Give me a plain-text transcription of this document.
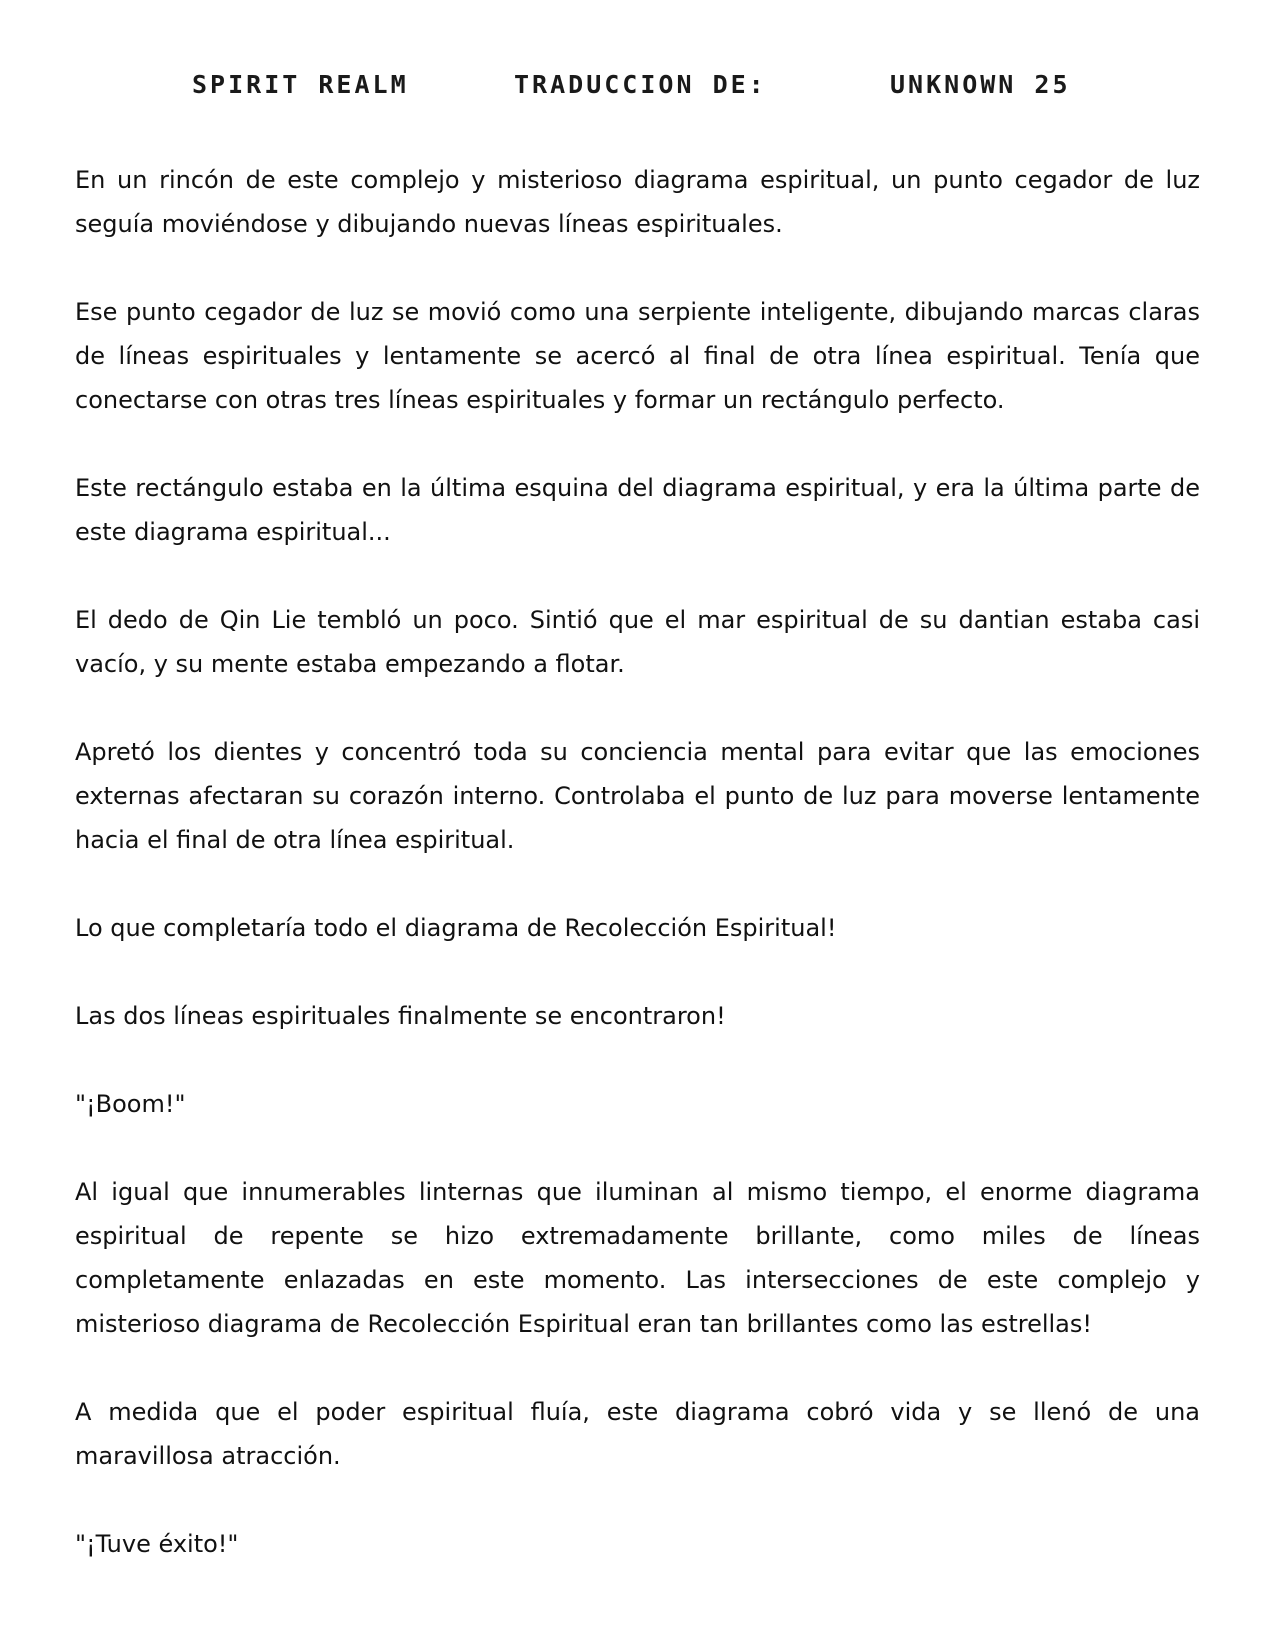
SPIRIT REALM	TRADUCCION DE:	UNKNOWN 25

En un rincón de este complejo y misterioso diagrama espiritual, un punto cegador de luz seguía moviéndose y dibujando nuevas líneas espirituales.

Ese punto cegador de luz se movió como una serpiente inteligente, dibujando marcas claras de líneas espirituales y lentamente se acercó al final de otra línea espiritual. Tenía que conectarse con otras tres líneas espirituales y formar un rectángulo perfecto.

Este rectángulo estaba en la última esquina del diagrama espiritual, y era la última parte de este diagrama espiritual...

El dedo de Qin Lie tembló un poco. Sintió que el mar espiritual de su dantian estaba casi vacío, y su mente estaba empezando a flotar.

Apretó los dientes y concentró toda su conciencia mental para evitar que las emociones externas afectaran su corazón interno. Controlaba el punto de luz para moverse lentamente hacia el final de otra línea espiritual.

Lo que completaría todo el diagrama de Recolección Espiritual!

Las dos líneas espirituales finalmente se encontraron!

"¡Boom!"

Al igual que innumerables linternas que iluminan al mismo tiempo, el enorme diagrama espiritual de repente se hizo extremadamente brillante, como miles de líneas completamente enlazadas en este momento. Las intersecciones de este complejo y misterioso diagrama de Recolección Espiritual eran tan brillantes como las estrellas!

A medida que el poder espiritual fluía, este diagrama cobró vida y se llenó de una maravillosa atracción.

"¡Tuve éxito!"
